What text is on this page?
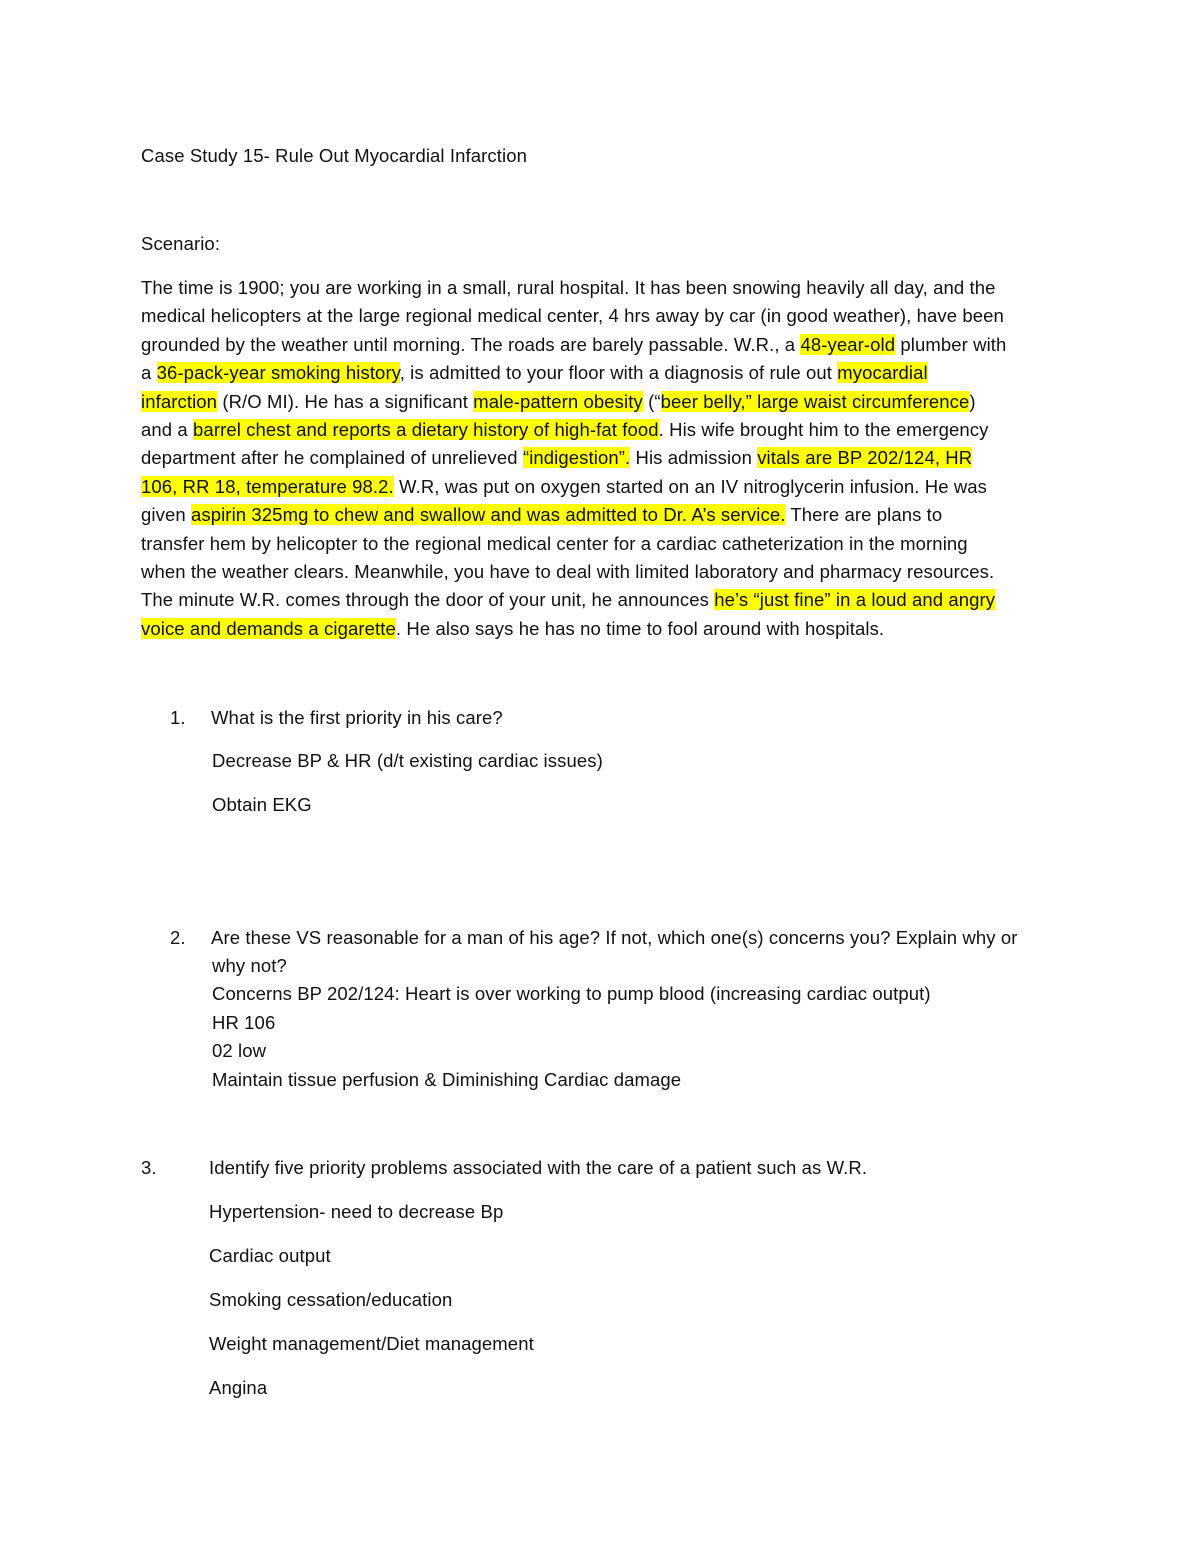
Case Study 15- Rule Out Myocardial Infarction

Scenario:

The time is 1900; you are working in a small, rural hospital. It has been snowing heavily all day, and the
medical helicopters at the large regional medical center, 4 hrs away by car (in good weather), have been
grounded by the weather until morning. The roads are barely passable. W.R., a 48-year-old plumber with
a 36-pack-year smoking history, is admitted to your floor with a diagnosis of rule out myocardial
infarction (R/O MI). He has a significant male-pattern obesity (“beer belly,” large waist circumference)
and a barrel chest and reports a dietary history of high-fat food. His wife brought him to the emergency
department after he complained of unrelieved “indigestion”. His admission vitals are BP 202/124, HR
106, RR 18, temperature 98.2. W.R, was put on oxygen started on an IV nitroglycerin infusion. He was
given aspirin 325mg to chew and swallow and was admitted to Dr. A’s service. There are plans to
transfer hem by helicopter to the regional medical center for a cardiac catheterization in the morning
when the weather clears. Meanwhile, you have to deal with limited laboratory and pharmacy resources.
The minute W.R. comes through the door of your unit, he announces he’s “just fine” in a loud and angry
voice and demands a cigarette. He also says he has no time to fool around with hospitals.

1. What is the first priority in his care?

Decrease BP & HR (d/t existing cardiac issues)

Obtain EKG

2. Are these VS reasonable for a man of his age? If not, which one(s) concerns you? Explain why or

why not?

Concerns BP 202/124: Heart is over working to pump blood (increasing cardiac output)

HR 106

02 low

Maintain tissue perfusion & Diminishing Cardiac damage

3.	Identify five priority problems associated with the care of a patient such as W.R.

Hypertension- need to decrease Bp

Cardiac output

Smoking cessation/education

Weight management/Diet management

Angina
